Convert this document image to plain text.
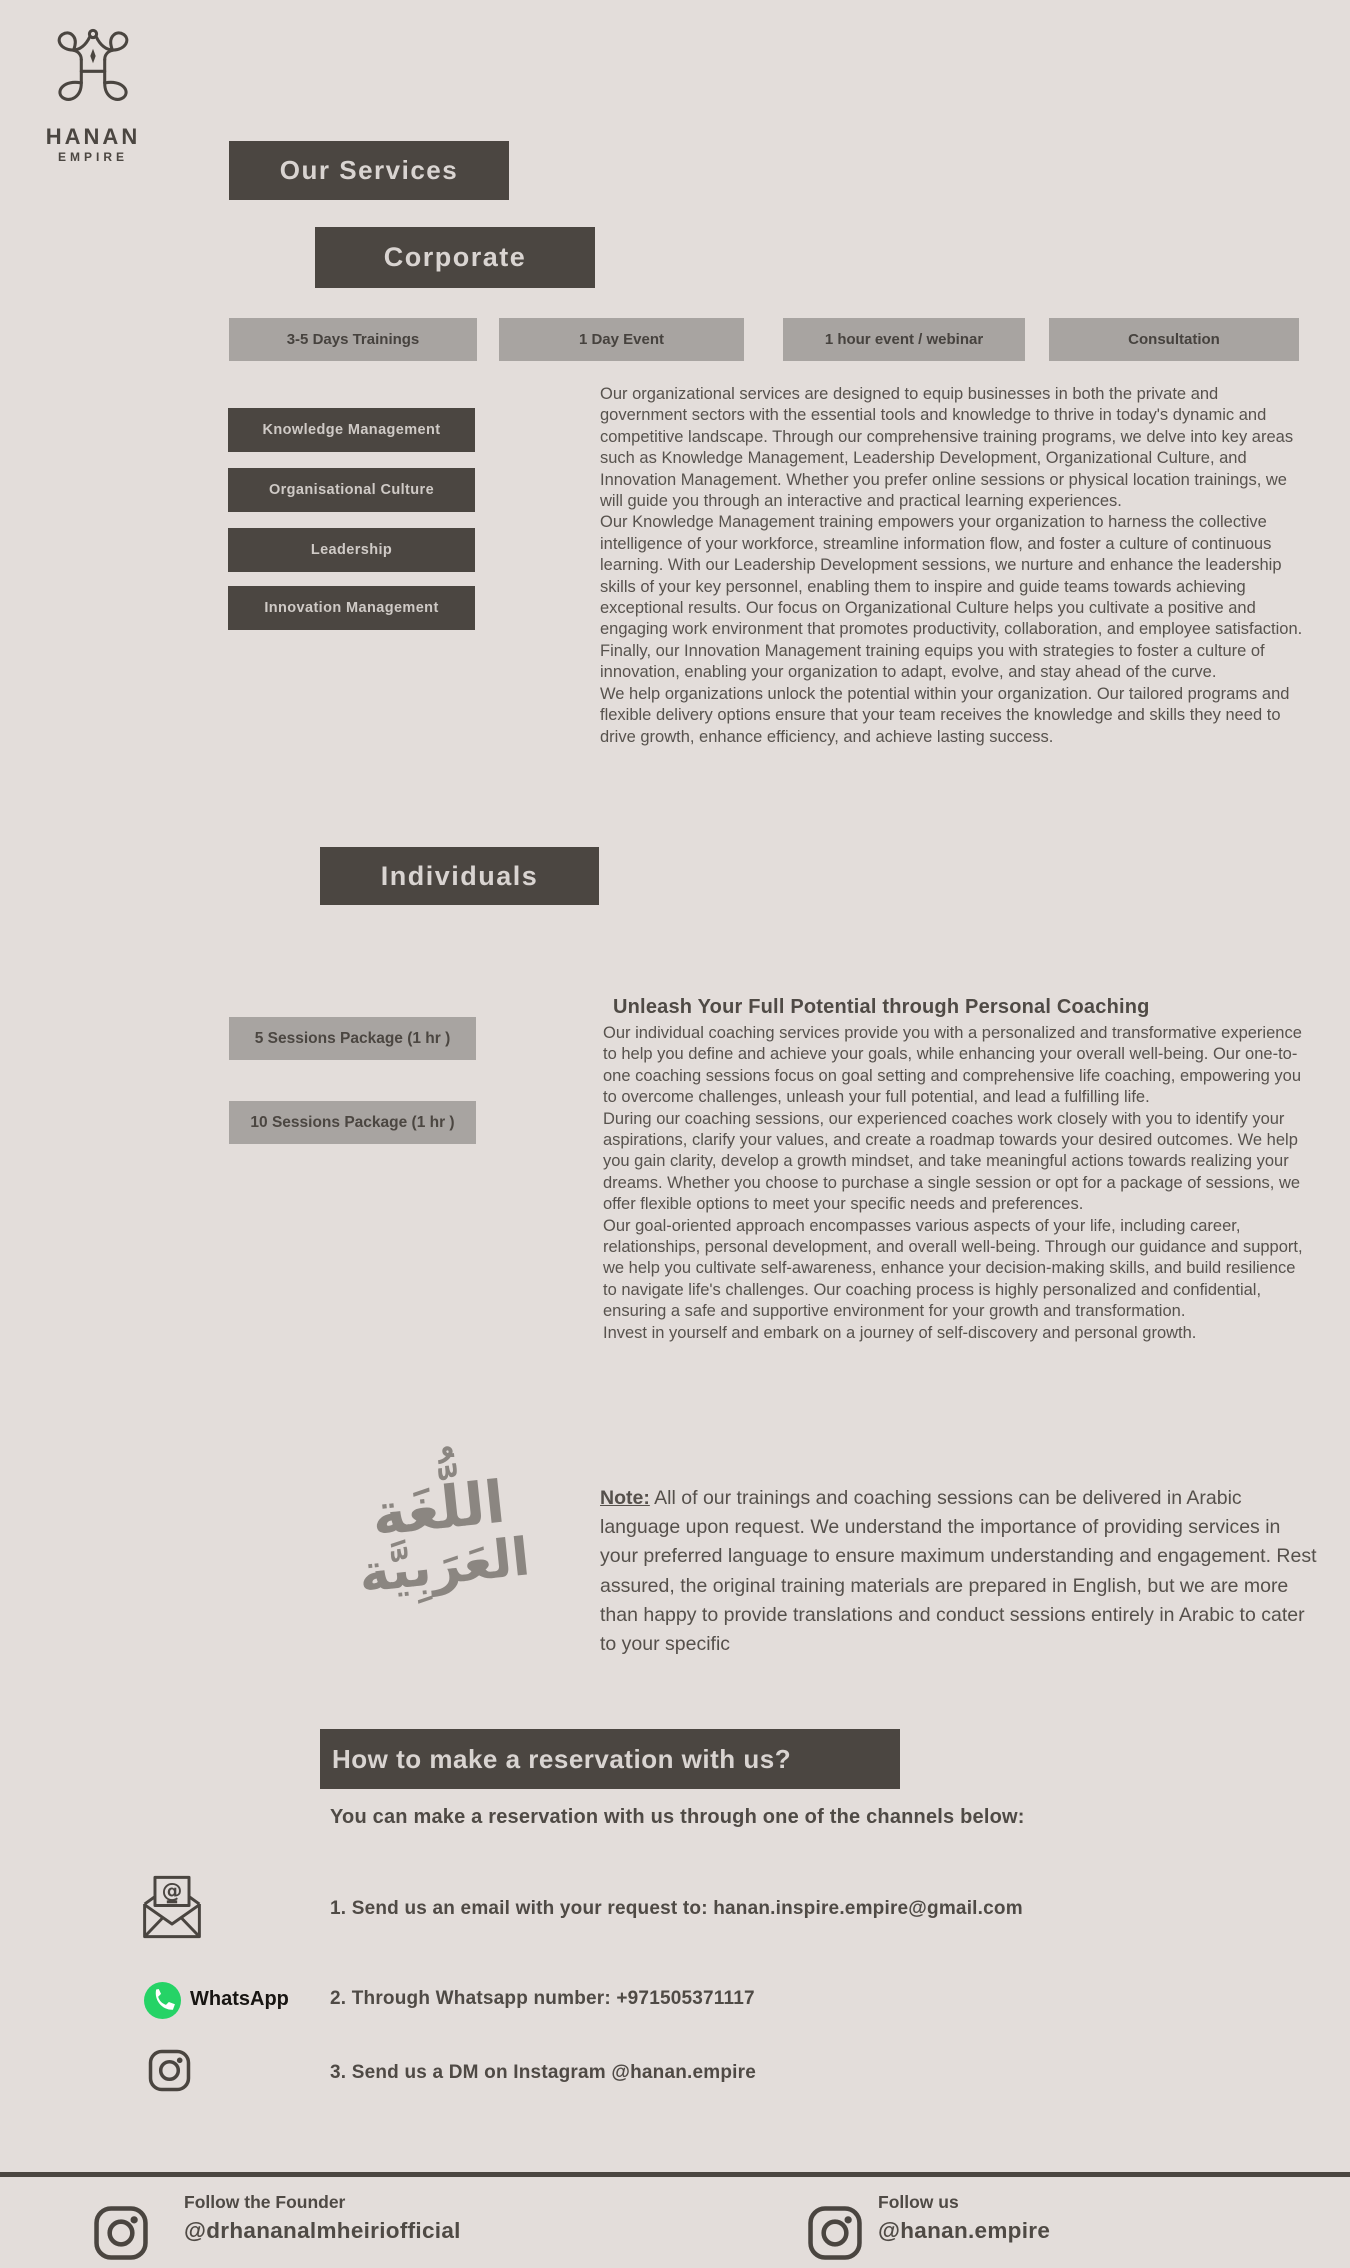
HANAN
EMPIRE	Our Services
Corporate
3-5 Days Trainings	1 Day Event	1 hour event / webinar	Consultation
Knowledge Management
Organisational Culture
Leadership
Innovation Management

Our organizational services are designed to equip businesses in both the private and government sectors with the essential tools and knowledge to thrive in today's dynamic and competitive landscape. Through our comprehensive training programs, we delve into key areas such as Knowledge Management, Leadership Development, Organizational Culture, and Innovation Management. Whether you prefer online sessions or physical location trainings, we will guide you through an interactive and practical learning experiences.

Our Knowledge Management training empowers your organization to harness the collective intelligence of your workforce, streamline information flow, and foster a culture of continuous learning. With our Leadership Development sessions, we nurture and enhance the leadership skills of your key personnel, enabling them to inspire and guide teams towards achieving exceptional results. Our focus on Organizational Culture helps you cultivate a positive and engaging work environment that promotes productivity, collaboration, and employee satisfaction. Finally, our Innovation Management training equips you with strategies to foster a culture of innovation, enabling your organization to adapt, evolve, and stay ahead of the curve.

We help organizations unlock the potential within your organization. Our tailored programs and flexible delivery options ensure that your team receives the knowledge and skills they need to drive growth, enhance efficiency, and achieve lasting success.

Individuals
5 Sessions Package (1 hr )
10 Sessions Package (1 hr )
Unleash Your Full Potential through Personal Coaching

Our individual coaching services provide you with a personalized and transformative experience to help you define and achieve your goals, while enhancing your overall well-being. Our one-to-one coaching sessions focus on goal setting and comprehensive life coaching, empowering you to overcome challenges, unleash your full potential, and lead a fulfilling life.

During our coaching sessions, our experienced coaches work closely with you to identify your aspirations, clarify your values, and create a roadmap towards your desired outcomes. We help you gain clarity, develop a growth mindset, and take meaningful actions towards realizing your dreams. Whether you choose to purchase a single session or opt for a package of sessions, we offer flexible options to meet your specific needs and preferences.

Our goal-oriented approach encompasses various aspects of your life, including career, relationships, personal development, and overall well-being. Through our guidance and support, we help you cultivate self-awareness, enhance your decision-making skills, and build resilience to navigate life's challenges. Our coaching process is highly personalized and confidential, ensuring a safe and supportive environment for your growth and transformation.

Invest in yourself and embark on a journey of self-discovery and personal growth.

اللُّغَة
العَرَبِيَّة
Note: All of our trainings and coaching sessions can be delivered in Arabic language upon request. We understand the importance of providing services in your preferred language to ensure maximum understanding and engagement. Rest assured, the original training materials are prepared in English, but we are more than happy to provide translations and conduct sessions entirely in Arabic to cater to your specific
How to make a reservation with us?
You can make a reservation with us through one of the channels below:
@
1. Send us an email with your request to: hanan.inspire.empire@gmail.com
WhatsApp 2. Through Whatsapp number: +971505371117
3. Send us a DM on Instagram @hanan.empire
Follow the Founder
@drhananalmheiriofficial
Follow us
@hanan.empire
